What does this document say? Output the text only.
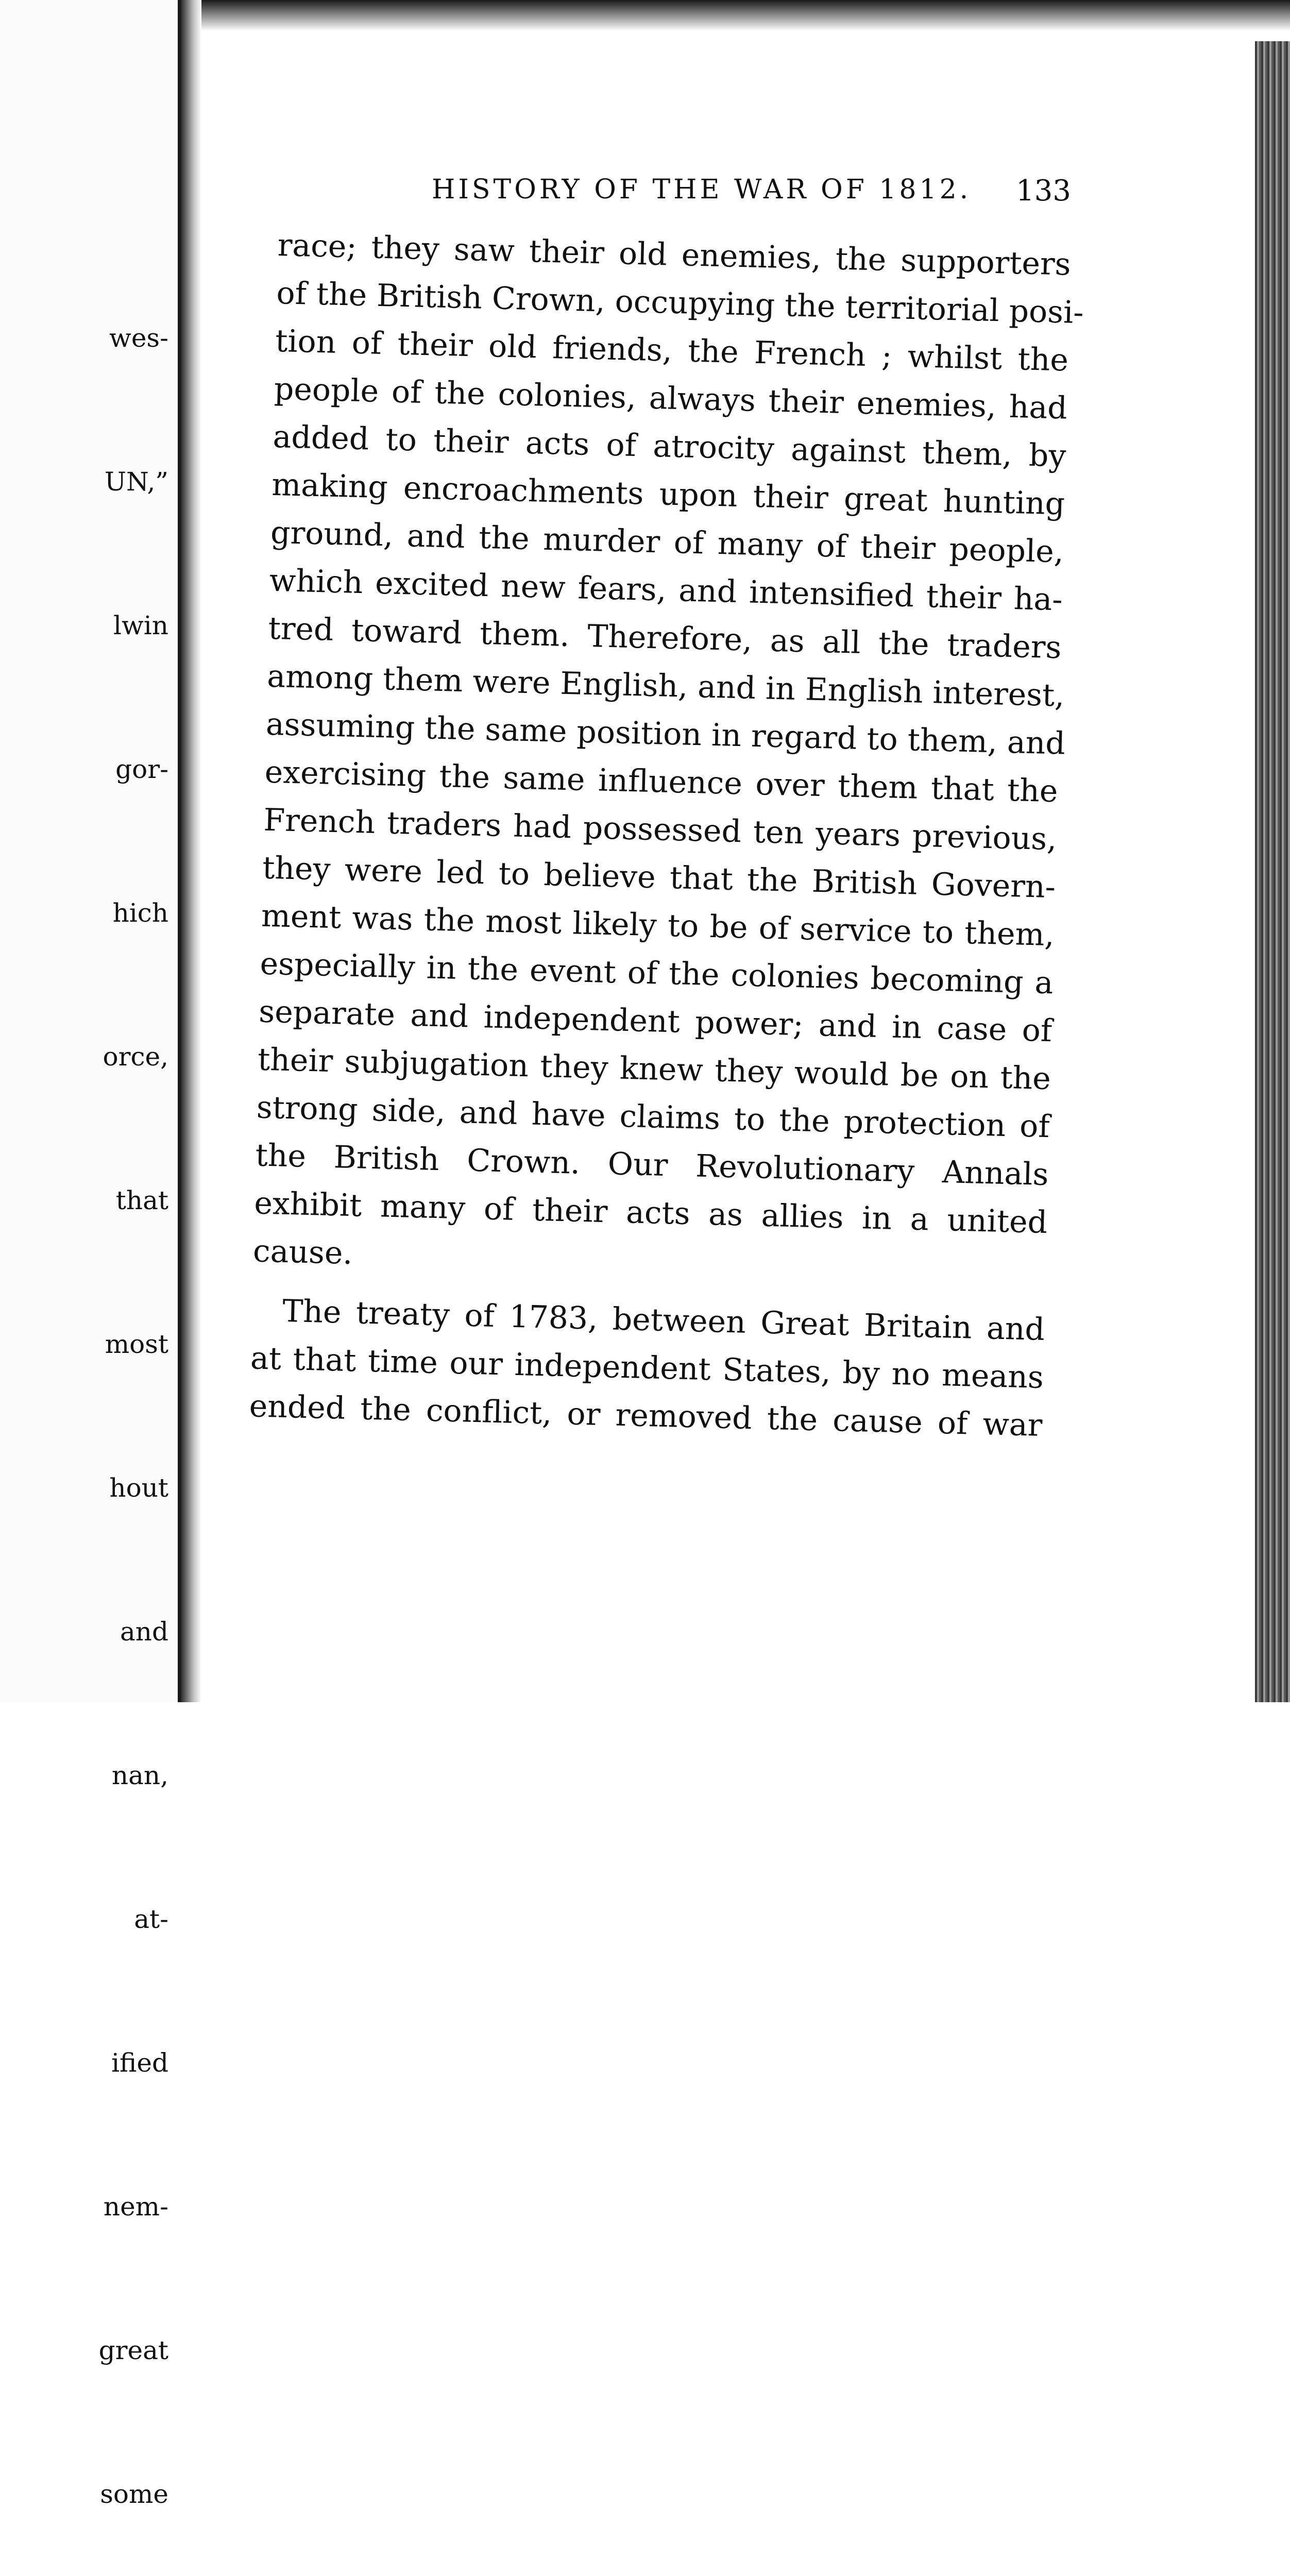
wes-

UN,”

lwin

gor-

hich

orce,

that

most

hout

and

nan,

at-

ified

nem-

great

some

HISTORY OF THE WAR OF 1812.	133
race; they saw their old enemies, the supporters
of the British Crown, occupying the territorial posi-
tion of their old friends, the French ; whilst the
people of the colonies, always their enemies, had
added to their acts of atrocity against them, by
making encroachments upon their great hunting
ground, and the murder of many of their people,
which excited new fears, and intensified their ha-
tred toward them. Therefore, as all the traders
among them were English, and in English interest,
assuming the same position in regard to them, and
exercising the same influence over them that the
French traders had possessed ten years previous,
they were led to believe that the British Govern-
ment was the most likely to be of service to them,
especially in the event of the colonies becoming a
separate and independent power; and in case of
their subjugation they knew they would be on the
strong side, and have claims to the protection of
the British Crown. Our Revolutionary Annals
exhibit many of their acts as allies in a united
cause.
The treaty of 1783, between Great Britain and
at that time our independent States, by no means
ended the conflict, or removed the cause of war
